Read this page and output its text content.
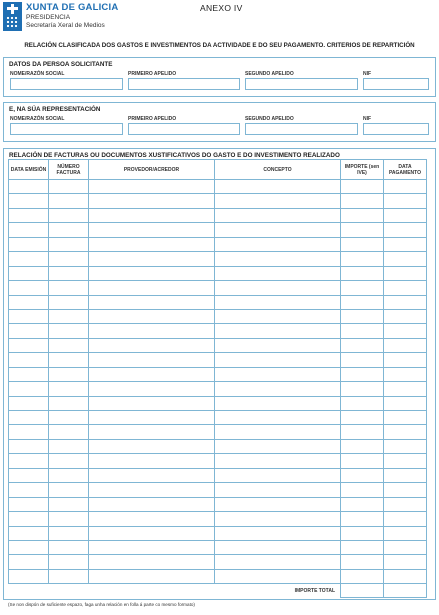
XUNTA DE GALICIA
PRESIDENCIA
Secretaría Xeral de Medios
ANEXO IV
RELACIÓN CLASIFICADA DOS GASTOS E INVESTIMENTOS DA ACTIVIDADE E DO SEU PAGAMENTO. CRITERIOS DE REPARTICIÓN
DATOS DA PERSOA SOLICITANTE
NOME/RAZÓN SOCIAL	PRIMEIRO APELIDO	SEGUNDO APELIDO	NIF
E, NA SÚA REPRESENTACIÓN
NOME/RAZÓN SOCIAL	PRIMEIRO APELIDO	SEGUNDO APELIDO	NIF
RELACIÓN DE FACTURAS OU DOCUMENTOS XUSTIFICATIVOS DO GASTO E DO INVESTIMENTO REALIZADO
DATA EMISIÓN	NÚMERO FACTURA	PROVEDOR/ACREDOR	CONCEPTO	IMPORTE (sen IVE)	DATA PAGAMENTO

IMPORTE TOTAL					
(Se non dispón de suficiente espazo, faga unha relación en folla á parte co mesmo formato)
